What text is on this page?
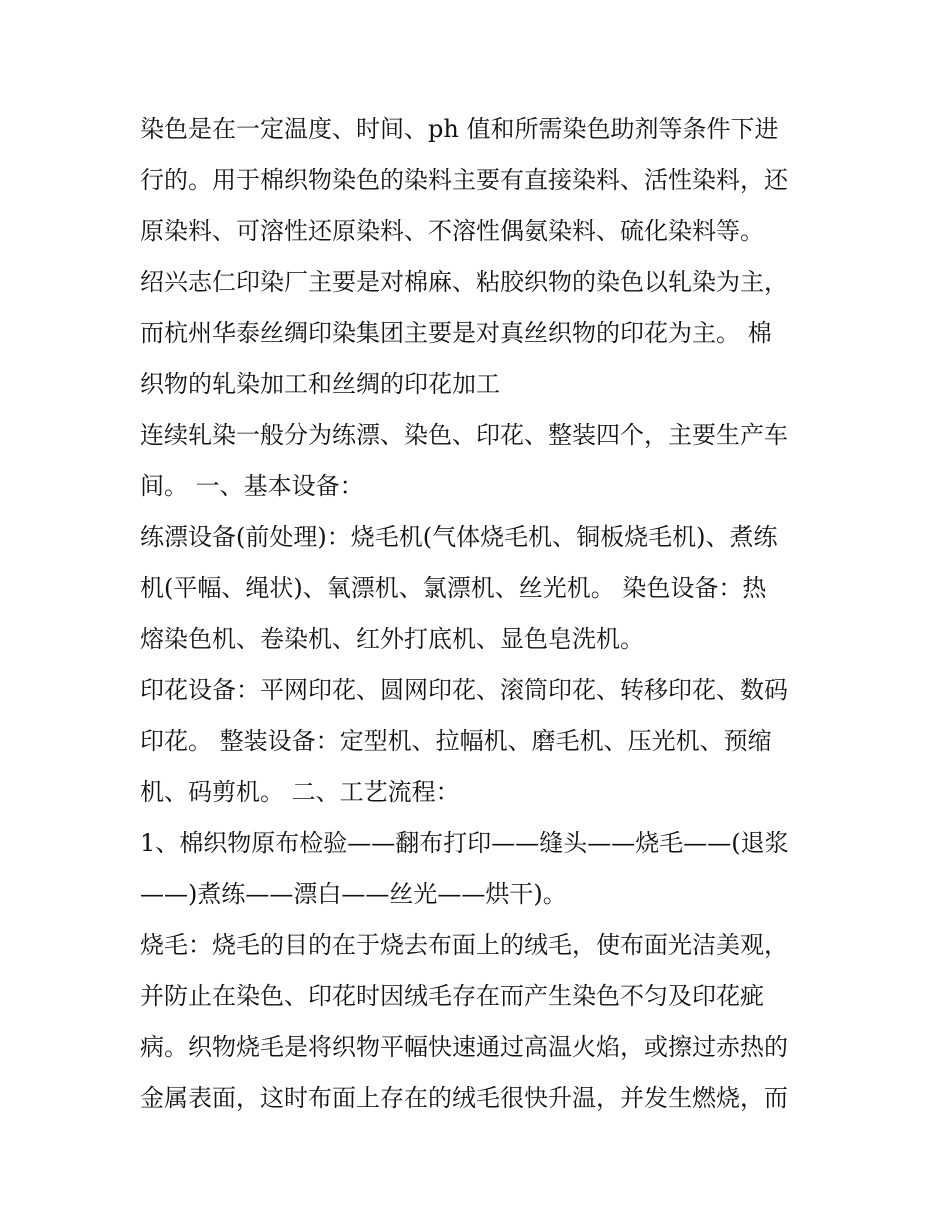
染色是在一定温度、时间、ph 值和所需染色助剂等条件下进
行的。用于棉织物染色的染料主要有直接染料、活性染料，还
原染料、可溶性还原染料、不溶性偶氨染料、硫化染料等。
绍兴志仁印染厂主要是对棉麻、粘胶织物的染色以轧染为主，
而杭州华泰丝绸印染集团主要是对真丝织物的印花为主。 棉
织物的轧染加工和丝绸的印花加工
连续轧染一般分为练漂、染色、印花、整装四个，主要生产车
间。 一、基本设备：
练漂设备(前处理)：烧毛机(气体烧毛机、铜板烧毛机)、煮练
机(平幅、绳状)、氧漂机、氯漂机、丝光机。 染色设备：热
熔染色机、卷染机、红外打底机、显色皂洗机。
印花设备：平网印花、圆网印花、滚筒印花、转移印花、数码
印花。 整装设备：定型机、拉幅机、磨毛机、压光机、预缩
机、码剪机。 二、工艺流程：
1、棉织物原布检验——翻布打印——缝头——烧毛——(退浆
——)煮练——漂白——丝光——烘干)。
烧毛：烧毛的目的在于烧去布面上的绒毛，使布面光洁美观，
并防止在染色、印花时因绒毛存在而产生染色不匀及印花疵
病。织物烧毛是将织物平幅快速通过高温火焰，或擦过赤热的
金属表面，这时布面上存在的绒毛很快升温，并发生燃烧，而
